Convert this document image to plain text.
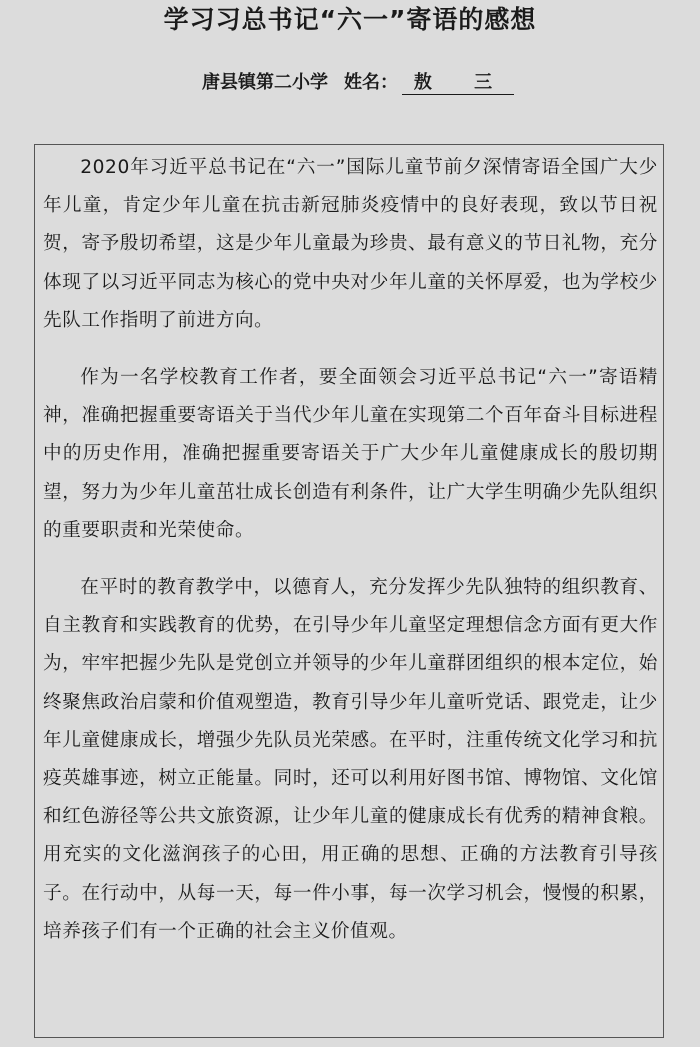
学习习总书记“六一”寄语的感想
唐县镇第二小学 姓名： 敖 三

2020年习近平总书记在“六一”国际儿童节前夕深情寄语全国广大少年儿童，肯定少年儿童在抗击新冠肺炎疫情中的良好表现，致以节日祝贺，寄予殷切希望，这是少年儿童最为珍贵、最有意义的节日礼物，充分体现了以习近平同志为核心的党中央对少年儿童的关怀厚爱，也为学校少先队工作指明了前进方向。

作为一名学校教育工作者，要全面领会习近平总书记“六一”寄语精神，准确把握重要寄语关于当代少年儿童在实现第二个百年奋斗目标进程中的历史作用，准确把握重要寄语关于广大少年儿童健康成长的殷切期望，努力为少年儿童茁壮成长创造有利条件，让广大学生明确少先队组织的重要职责和光荣使命。

在平时的教育教学中，以德育人，充分发挥少先队独特的组织教育、自主教育和实践教育的优势，在引导少年儿童坚定理想信念方面有更大作为，牢牢把握少先队是党创立并领导的少年儿童群团组织的根本定位，始终聚焦政治启蒙和价值观塑造，教育引导少年儿童听党话、跟党走，让少年儿童健康成长，增强少先队员光荣感。在平时，注重传统文化学习和抗疫英雄事迹，树立正能量。同时，还可以利用好图书馆、博物馆、文化馆和红色游径等公共文旅资源，让少年儿童的健康成长有优秀的精神食粮。用充实的文化滋润孩子的心田，用正确的思想、正确的方法教育引导孩子。在行动中，从每一天，每一件小事，每一次学习机会，慢慢的积累，培养孩子们有一个正确的社会主义价值观。
